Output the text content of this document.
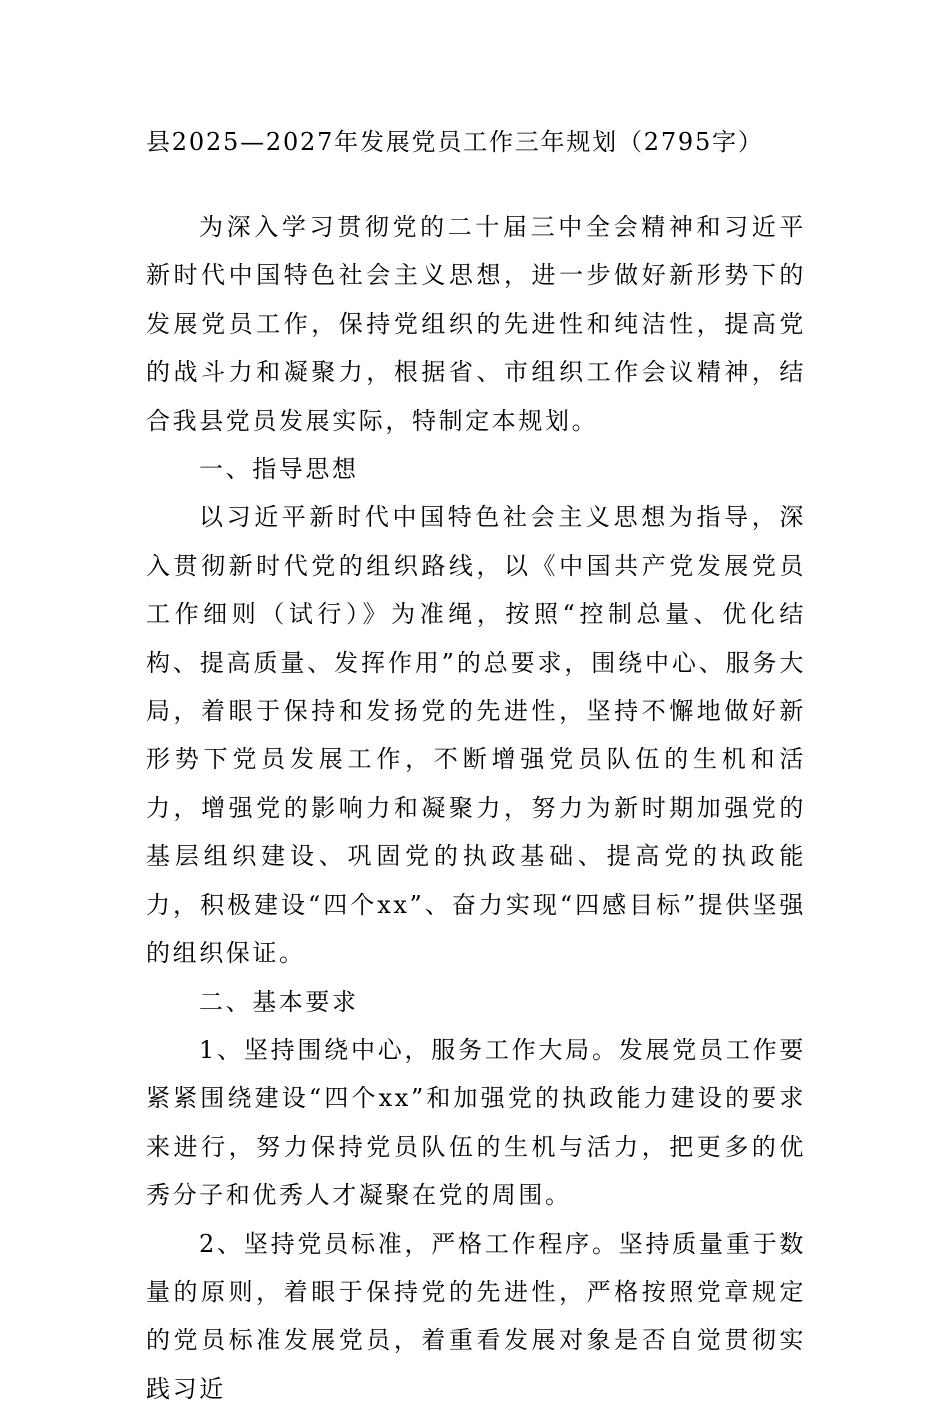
县2025—2027年发展党员工作三年规划（2795字）

为深入学习贯彻党的二十届三中全会精神和习近平新时代中国特色社会主义思想，进一步做好新形势下的发展党员工作，保持党组织的先进性和纯洁性，提高党的战斗力和凝聚力，根据省、市组织工作会议精神，结合我县党员发展实际，特制定本规划。

一、指导思想

以习近平新时代中国特色社会主义思想为指导，深入贯彻新时代党的组织路线，以《中国共产党发展党员工作细则（试行）》为准绳，按照“控制总量、优化结构、提高质量、发挥作用”的总要求，围绕中心、服务大局，着眼于保持和发扬党的先进性，坚持不懈地做好新形势下党员发展工作，不断增强党员队伍的生机和活力，增强党的影响力和凝聚力，努力为新时期加强党的基层组织建设、巩固党的执政基础、提高党的执政能力，积极建设“四个xx”、奋力实现“四感目标”提供坚强的组织保证。

二、基本要求

1、坚持围绕中心，服务工作大局。发展党员工作要紧紧围绕建设“四个xx”和加强党的执政能力建设的要求来进行，努力保持党员队伍的生机与活力，把更多的优秀分子和优秀人才凝聚在党的周围。

2、坚持党员标准，严格工作程序。坚持质量重于数量的原则，着眼于保持党的先进性，严格按照党章规定的党员标准发展党员，着重看发展对象是否自觉贯彻实践习近
